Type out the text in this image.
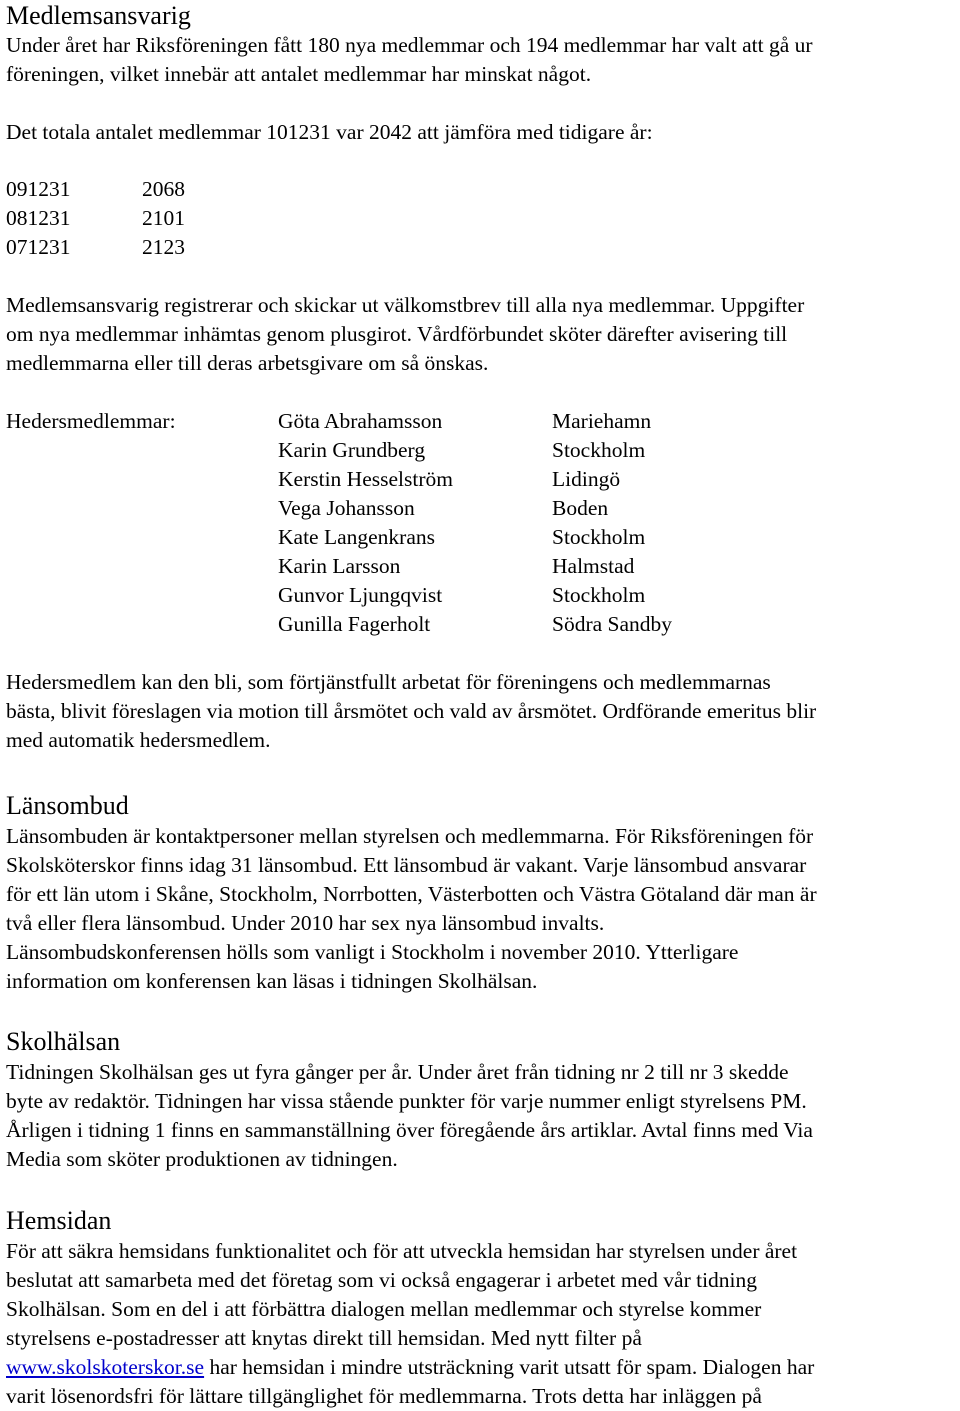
Medlemsansvarig
Under året har Riksföreningen fått 180 nya medlemmar och 194 medlemmar har valt att gå ur
föreningen, vilket innebär att antalet medlemmar har minskat något.
Det totala antalet medlemmar 101231 var 2042 att jämföra med tidigare år:
091231	2068
081231	2101
071231	2123
Medlemsansvarig registrerar och skickar ut välkomstbrev till alla nya medlemmar. Uppgifter
om nya medlemmar inhämtas genom plusgirot. Vårdförbundet sköter därefter avisering till
medlemmarna eller till deras arbetsgivare om så önskas.
Hedersmedlemmar:	Göta Abrahamsson	Mariehamn
Karin Grundberg	Stockholm
Kerstin Hesselström	Lidingö
Vega Johansson	Boden
Kate Langenkrans	Stockholm
Karin Larsson	Halmstad
Gunvor Ljungqvist	Stockholm
Gunilla Fagerholt	Södra Sandby
Hedersmedlem kan den bli, som förtjänstfullt arbetat för föreningens och medlemmarnas
bästa, blivit föreslagen via motion till årsmötet och vald av årsmötet. Ordförande emeritus blir
med automatik hedersmedlem.
Länsombud
Länsombuden är kontaktpersoner mellan styrelsen och medlemmarna. För Riksföreningen för
Skolsköterskor finns idag 31 länsombud. Ett länsombud är vakant. Varje länsombud ansvarar
för ett län utom i Skåne, Stockholm, Norrbotten, Västerbotten och Västra Götaland där man är
två eller flera länsombud. Under 2010 har sex nya länsombud invalts.
Länsombudskonferensen hölls som vanligt i Stockholm i november 2010. Ytterligare
information om konferensen kan läsas i tidningen Skolhälsan.
Skolhälsan
Tidningen Skolhälsan ges ut fyra gånger per år. Under året från tidning nr 2 till nr 3 skedde
byte av redaktör. Tidningen har vissa stående punkter för varje nummer enligt styrelsens PM.
Årligen i tidning 1 finns en sammanställning över föregående års artiklar. Avtal finns med Via
Media som sköter produktionen av tidningen.
Hemsidan
För att säkra hemsidans funktionalitet och för att utveckla hemsidan har styrelsen under året
beslutat att samarbeta med det företag som vi också engagerar i arbetet med vår tidning
Skolhälsan. Som en del i att förbättra dialogen mellan medlemmar och styrelse kommer
styrelsens e-postadresser att knytas direkt till hemsidan. Med nytt filter på
www.skolskoterskor.se har hemsidan i mindre utsträckning varit utsatt för spam. Dialogen har
varit lösenordsfri för lättare tillgänglighet för medlemmarna. Trots detta har inläggen på
